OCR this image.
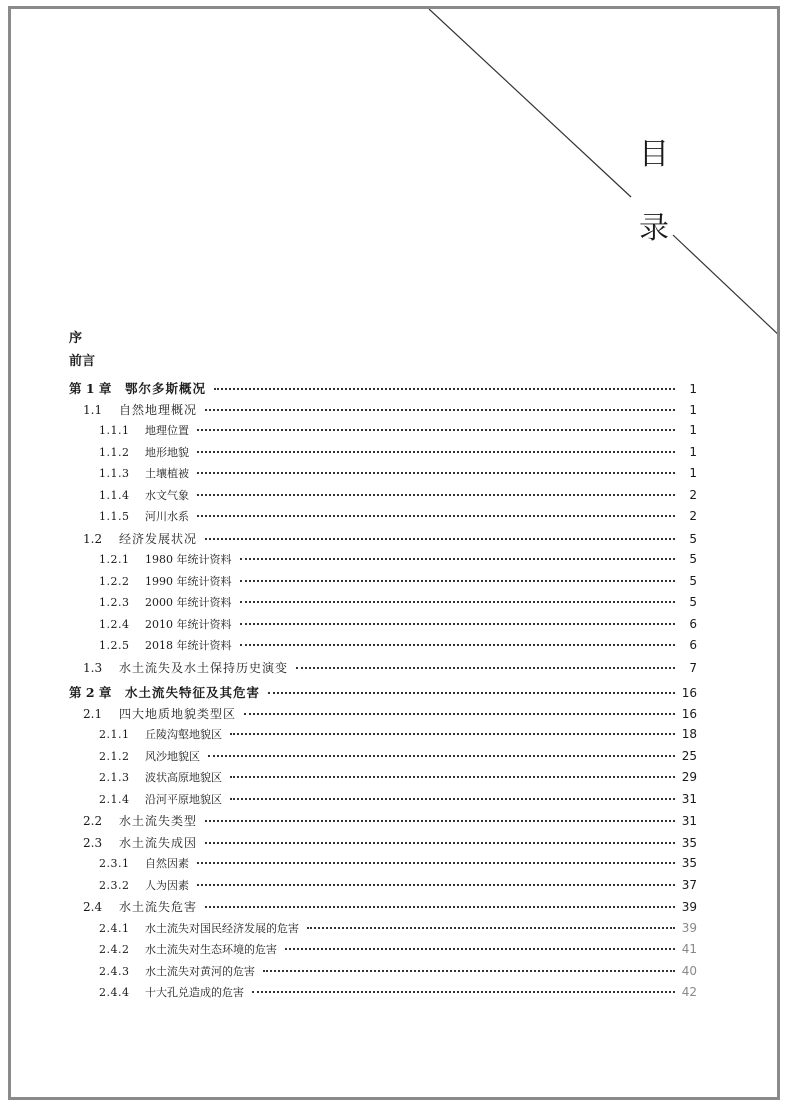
目
录
序
前言
第 1 章	鄂尔多斯概况	1
1.1	自然地理概况	1
1.1.1	地理位置	1
1.1.2	地形地貌	1
1.1.3	土壤植被	1
1.1.4	水文气象	2
1.1.5	河川水系	2
1.2	经济发展状况	5
1.2.1	1980 年统计资料	5
1.2.2	1990 年统计资料	5
1.2.3	2000 年统计资料	5
1.2.4	2010 年统计资料	6
1.2.5	2018 年统计资料	6
1.3	水土流失及水土保持历史演变	7
第 2 章	水土流失特征及其危害	16
2.1	四大地质地貌类型区	16
2.1.1	丘陵沟壑地貌区	18
2.1.2	风沙地貌区	25
2.1.3	波状高原地貌区	29
2.1.4	沿河平原地貌区	31
2.2	水土流失类型	31
2.3	水土流失成因	35
2.3.1	自然因素	35
2.3.2	人为因素	37
2.4	水土流失危害	39
2.4.1	水土流失对国民经济发展的危害	39
2.4.2	水土流失对生态环境的危害	41
2.4.3	水土流失对黄河的危害	40
2.4.4	十大孔兑造成的危害	42
